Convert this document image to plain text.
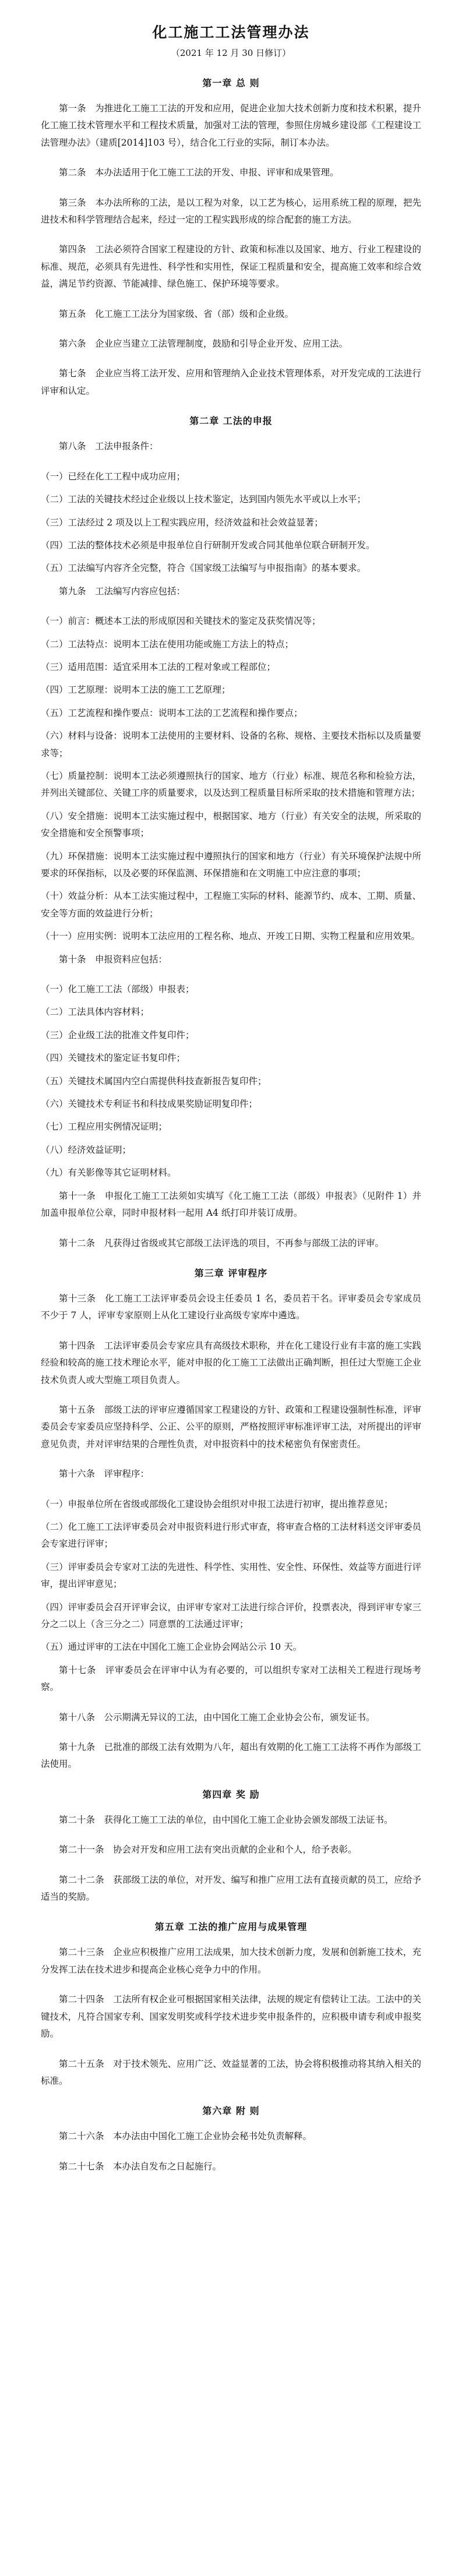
化工施工工法管理办法
（2021 年 12 月 30 日修订）
第一章 总 则

第一条　为推进化工施工工法的开发和应用，促进企业加大技术创新力度和技术积累，提升化工施工技术管理水平和工程技术质量，加强对工法的管理，参照住房城乡建设部《工程建设工法管理办法》（建质[2014]103 号），结合化工行业的实际，制订本办法。

第二条　本办法适用于化工施工工法的开发、申报、评审和成果管理。

第三条　本办法所称的工法，是以工程为对象，以工艺为核心，运用系统工程的原理，把先进技术和科学管理结合起来，经过一定的工程实践形成的综合配套的施工方法。

第四条　工法必须符合国家工程建设的方针、政策和标准以及国家、地方、行业工程建设的标准、规范，必须具有先进性、科学性和实用性，保证工程质量和安全，提高施工效率和综合效益，满足节约资源、节能减排、绿色施工、保护环境等要求。

第五条　化工施工工法分为国家级、省（部）级和企业级。

第六条　企业应当建立工法管理制度，鼓励和引导企业开发、应用工法。

第七条　企业应当将工法开发、应用和管理纳入企业技术管理体系，对开发完成的工法进行评审和认定。

第二章 工法的申报

第八条　工法申报条件：

（一）已经在化工工程中成功应用；

（二）工法的关键技术经过企业级以上技术鉴定，达到国内领先水平或以上水平；

（三）工法经过 2 项及以上工程实践应用，经济效益和社会效益显著；

（四）工法的整体技术必须是申报单位自行研制开发或合同其他单位联合研制开发。

（五）工法编写内容齐全完整，符合《国家级工法编写与申报指南》的基本要求。

第九条　工法编写内容应包括：

（一）前言：概述本工法的形成原因和关键技术的鉴定及获奖情况等；

（二）工法特点：说明本工法在使用功能或施工方法上的特点；

（三）适用范围：适宜采用本工法的工程对象或工程部位；

（四）工艺原理：说明本工法的施工工艺原理；

（五）工艺流程和操作要点：说明本工法的工艺流程和操作要点；

（六）材料与设备：说明本工法使用的主要材料、设备的名称、规格、主要技术指标以及质量要求等；

（七）质量控制：说明本工法必须遵照执行的国家、地方（行业）标准、规范名称和检验方法，并列出关键部位、关键工序的质量要求，以及达到工程质量目标所采取的技术措施和管理方法；

（八）安全措施：说明本工法实施过程中，根据国家、地方（行业）有关安全的法规，所采取的安全措施和安全预警事项；

（九）环保措施：说明本工法实施过程中遵照执行的国家和地方（行业）有关环境保护法规中所要求的环保指标，以及必要的环保监测、环保措施和在文明施工中应注意的事项；

（十）效益分析：从本工法实施过程中，工程施工实际的材料、能源节约、成本、工期、质量、安全等方面的效益进行分析；

（十一）应用实例：说明本工法应用的工程名称、地点、开竣工日期、实物工程量和应用效果。

第十条　申报资料应包括：

（一）化工施工工法（部级）申报表；

（二）工法具体内容材料；

（三）企业级工法的批准文件复印件；

（四）关键技术的鉴定证书复印件；

（五）关键技术属国内空白需提供科技查新报告复印件；

（六）关键技术专利证书和科技成果奖励证明复印件；

（七）工程应用实例情况证明；

（八）经济效益证明；

（九）有关影像等其它证明材料。

第十一条　申报化工施工工法须如实填写《化工施工工法（部级）申报表》（见附件 1）并加盖申报单位公章，同时申报材料一起用 A4 纸打印并装订成册。

第十二条　凡获得过省级或其它部级工法评选的项目，不再参与部级工法的评审。

第三章 评审程序

第十三条　化工施工工法评审委员会设主任委员 1 名，委员若干名。评审委员会专家成员不少于 7 人，评审专家原则上从化工建设行业高级专家库中遴选。

第十四条　工法评审委员会专家应具有高级技术职称，并在化工建设行业有丰富的施工实践经验和较高的施工技术理论水平，能对申报的化工施工工法做出正确判断，担任过大型施工企业技术负责人或大型施工项目负责人。

第十五条　部级工法的评审应遵循国家工程建设的方针、政策和工程建设强制性标准，评审委员会专家委员应坚持科学、公正、公平的原则，严格按照评审标准评审工法，对所提出的评审意见负责，并对评审结果的合理性负责，对申报资料中的技术秘密负有保密责任。

第十六条　评审程序：

（一）申报单位所在省级或部级化工建设协会组织对申报工法进行初审，提出推荐意见；

（二）化工施工工法评审委员会对申报资料进行形式审查，将审查合格的工法材料送交评审委员会专家进行评审；

（三）评审委员会专家对工法的先进性、科学性、实用性、安全性、环保性、效益等方面进行评审，提出评审意见；

（四）评审委员会召开评审会议，由评审专家对工法进行综合评价，投票表决，得到评审专家三分之二以上（含三分之二）同意票的工法通过评审；

（五）通过评审的工法在中国化工施工企业协会网站公示 10 天。

第十七条　评审委员会在评审中认为有必要的，可以组织专家对工法相关工程进行现场考察。

第十八条　公示期满无异议的工法，由中国化工施工企业协会公布，颁发证书。

第十九条　已批准的部级工法有效期为八年，超出有效期的化工施工工法将不再作为部级工法使用。

第四章 奖 励

第二十条　获得化工施工工法的单位，由中国化工施工企业协会颁发部级工法证书。

第二十一条　协会对开发和应用工法有突出贡献的企业和个人，给予表彰。

第二十二条　获部级工法的单位，对开发、编写和推广应用工法有直接贡献的员工，应给予适当的奖励。

第五章 工法的推广应用与成果管理

第二十三条　企业应积极推广应用工法成果，加大技术创新力度，发展和创新施工技术，充分发挥工法在技术进步和提高企业核心竞争力中的作用。

第二十四条　工法所有权企业可根据国家相关法律，法规的规定有偿转让工法。工法中的关键技术，凡符合国家专利、国家发明奖或科学技术进步奖申报条件的，应积极申请专利或申报奖励。

第二十五条　对于技术领先、应用广泛、效益显著的工法，协会将积极推动将其纳入相关的标准。

第六章 附 则

第二十六条　本办法由中国化工施工企业协会秘书处负责解释。

第二十七条　本办法自发布之日起施行。
